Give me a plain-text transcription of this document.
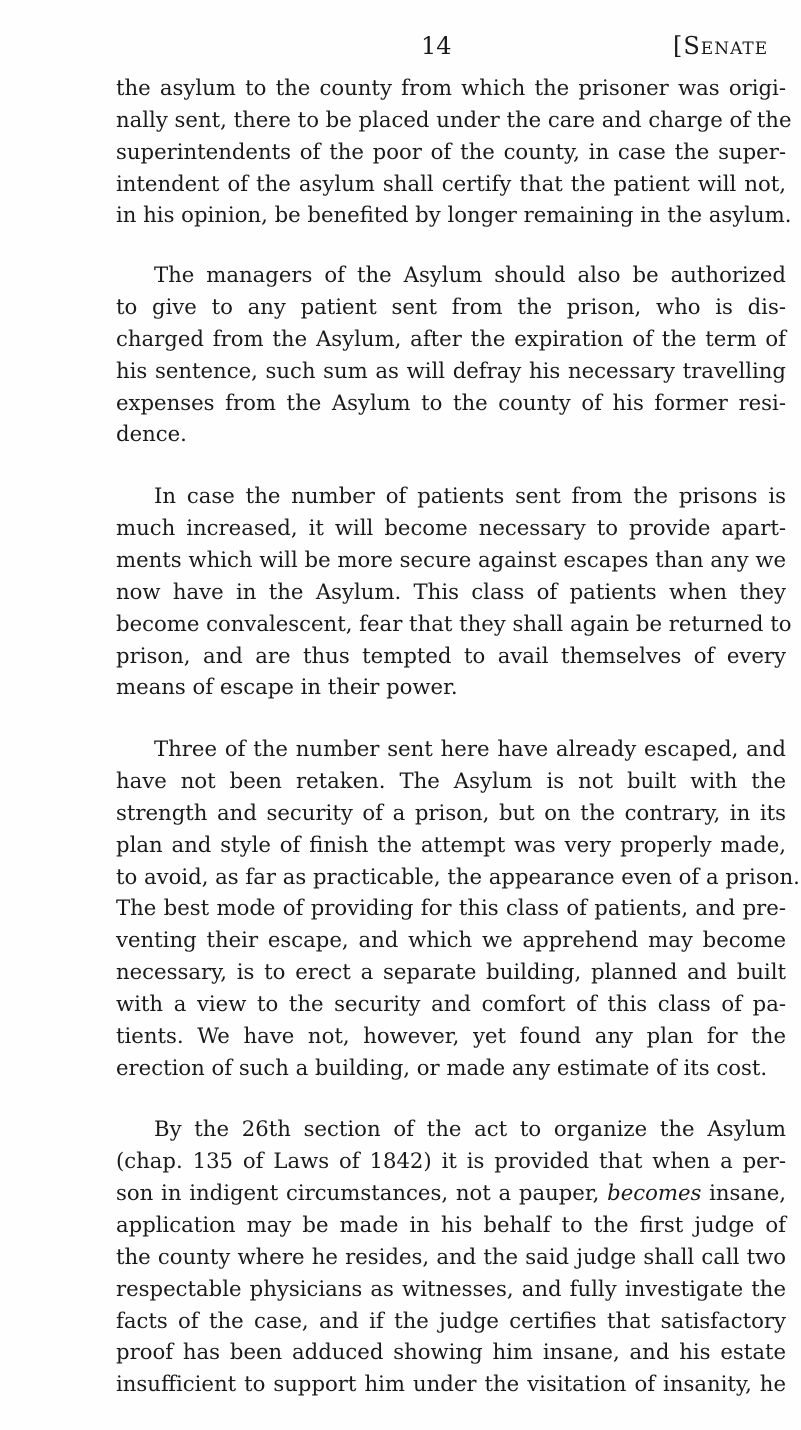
14	[Senate

the asylum to the county from which the prisoner was origi-
nally sent, there to be placed under the care and charge of the
superintendents of the poor of the county, in case the super-
intendent of the asylum shall certify that the patient will not,
in his opinion, be benefited by longer remaining in the asylum.

The managers of the Asylum should also be authorized
to give to any patient sent from the prison, who is dis-
charged from the Asylum, after the expiration of the term of
his sentence, such sum as will defray his necessary travelling
expenses from the Asylum to the county of his former resi-
dence.

In case the number of patients sent from the prisons is
much increased, it will become necessary to provide apart-
ments which will be more secure against escapes than any we
now have in the Asylum. This class of patients when they
become convalescent, fear that they shall again be returned to
prison, and are thus tempted to avail themselves of every
means of escape in their power.

Three of the number sent here have already escaped, and
have not been retaken. The Asylum is not built with the
strength and security of a prison, but on the contrary, in its
plan and style of finish the attempt was very properly made,
to avoid, as far as practicable, the appearance even of a prison.
The best mode of providing for this class of patients, and pre-
venting their escape, and which we apprehend may become
necessary, is to erect a separate building, planned and built
with a view to the security and comfort of this class of pa-
tients. We have not, however, yet found any plan for the
erection of such a building, or made any estimate of its cost.

By the 26th section of the act to organize the Asylum
(chap. 135 of Laws of 1842) it is provided that when a per-
son in indigent circumstances, not a pauper, becomes insane,
application may be made in his behalf to the first judge of
the county where he resides, and the said judge shall call two
respectable physicians as witnesses, and fully investigate the
facts of the case, and if the judge certifies that satisfactory
proof has been adduced showing him insane, and his estate
insufficient to support him under the visitation of insanity, he
